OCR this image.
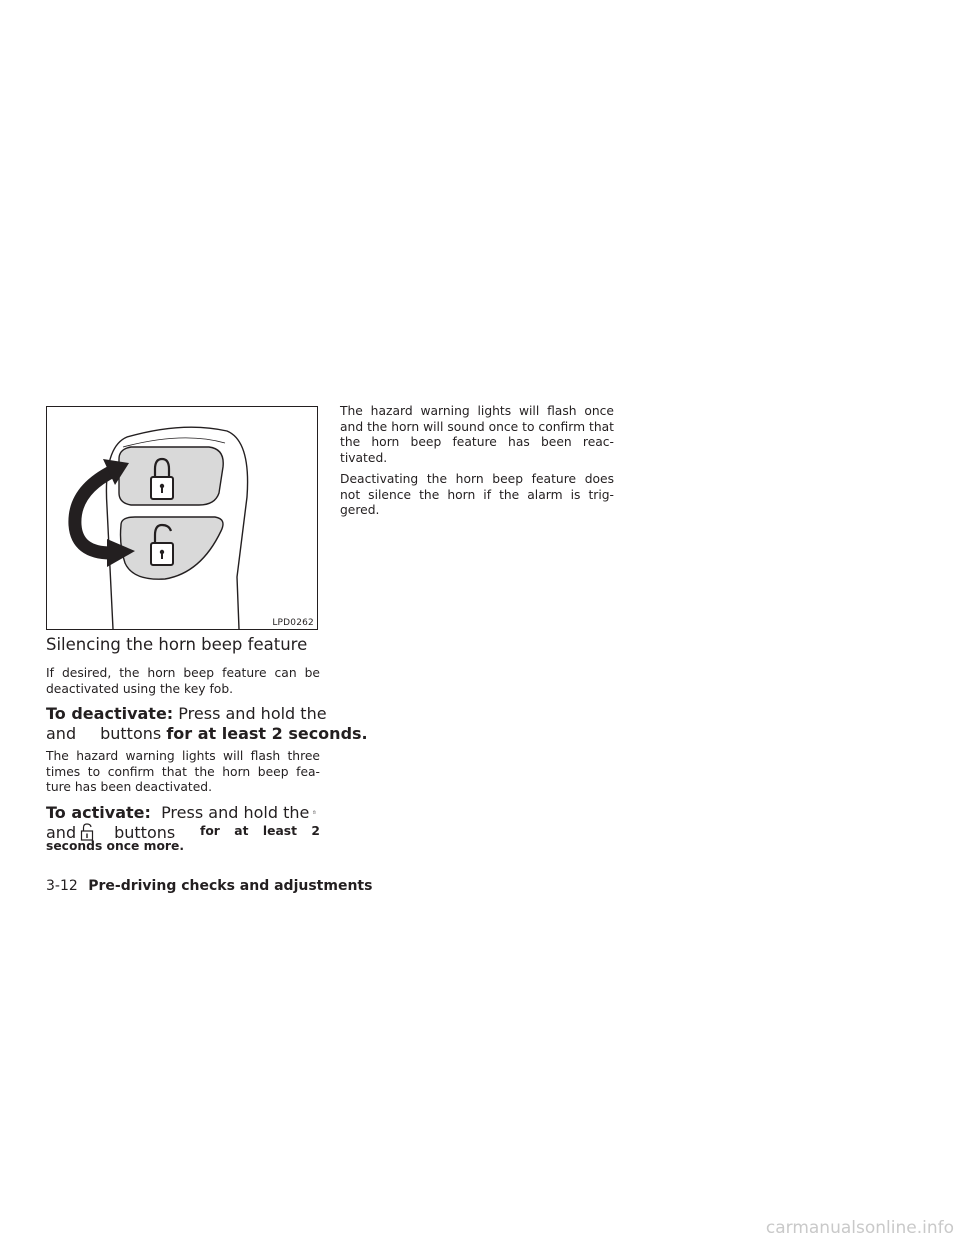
LPD0262
Silencing the horn beep feature

If desired, the horn beep feature can be deactivated using the key fob.

To deactivate:
Press and hold the
and buttons
for at least 2 seconds.

The hazard warning lights will flash three times to confirm that the horn beep fea- ture has been deactivated.

To activate:
Press and hold the
and buttons
	for at least 2 seconds once more.

The hazard warning lights will flash once and the horn will sound once to confirm that the horn beep feature has been reac- tivated.

Deactivating the horn beep feature does not silence the horn if the alarm is trig- gered.

3-12 Pre-driving checks and adjustments
carmanualsonline.info
